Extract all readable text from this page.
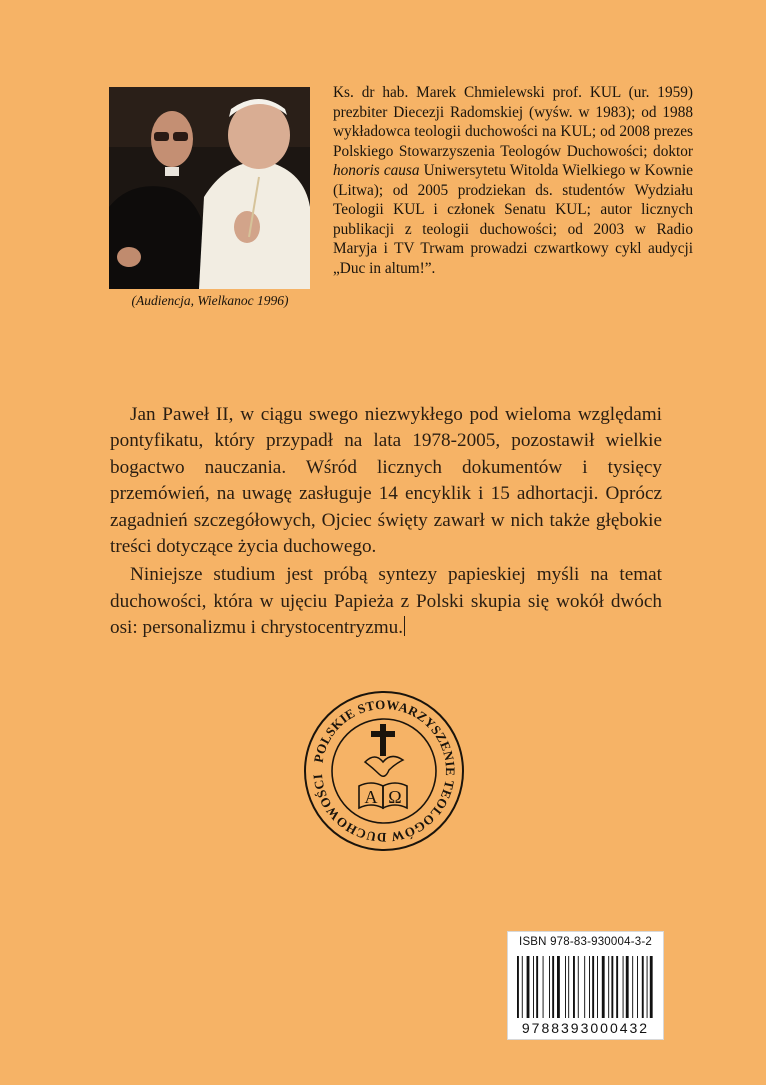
(Audiencja, Wielkanoc 1996)
Ks. dr hab. Marek Chmielewski prof. KUL (ur. 1959) prezbiter Diecezji Radomskiej (wyśw. w 1983); od 1988 wykładowca teologii duchowości na KUL; od 2008 prezes Polskiego Stowarzyszenia Teologów Duchowości; doktor honoris causa Uniwersytetu Witolda Wielkiego w Kownie (Litwa); od 2005 prodziekan ds. studentów Wydziału Teologii KUL i członek Senatu KUL; autor licznych publikacji z teologii duchowości; od 2003 w Radio Maryja i TV Trwam prowadzi czwartkowy cykl audycji „Duc in altum!”.

Jan Paweł II, w ciągu swego niezwykłego pod wieloma względami pontyfikatu, który przypadł na lata 1978-2005, pozostawił wielkie bogactwo nauczania. Wśród licznych dokumentów i tysięcy przemówień, na uwagę zasługuje 14 encyklik i 15 adhortacji. Oprócz zagadnień szczegółowych, Ojciec święty zawarł w nich także głębokie treści dotyczące życia duchowego.

Niniejsze studium jest próbą syntezy papieskiej myśli na temat duchowości, która w ujęciu Papieża z Polski skupia się wokół dwóch osi: personalizmu i chrystocentryzmu.

POLSKIE STOWARZYSZENIE TEOLOGÓW DUCHOWOŚCI
A Ω
ISBN 978-83-930004-3-2
9788393000432
